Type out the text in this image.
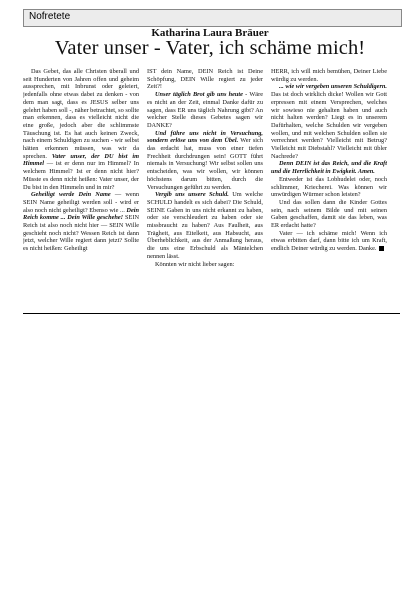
Nofretete
Katharina Laura Bräuer
Vater unser - Vater, ich schäme mich!

Das Gebet, das alle Christen überall und seit Hunderten von Jahren offen und geheim aussprechen, mit Inbrunst oder geleiert, jedenfalls ohne etwas dabei zu denken - von dem man sagt, dass es JESUS selber uns gelehrt haben soll -, näher betrachtet, so sollte man erkennen, dass es vielleicht nicht die eine große, jedoch aber die schlimmste Täuschung ist. Es hat auch keinen Zweck, nach einem Schuldigen zu suchen - wir selbst hätten erkennen müssen, was wir da sprechen. Vater unser, der DU bist im Himmel — ist er denn nur im Himmel? In welchem Himmel? Ist er denn nicht hier? Müsste es denn nicht heißen: Vater unser, der Du bist in den Himmeln und in mir?

Geheiligt werde Dein Name — wenn SEIN Name geheiligt werden soll - wird er also noch nicht geheiligt? Ebenso wie ... Dein Reich komme ... Dein Wille geschehe! SEIN Reich ist also noch nicht hier — SEIN Wille geschieht noch nicht? Wessen Reich ist dann jetzt, welcher Wille regiert dann jetzt? Sollte es nicht heißen: Geheiligt

IST dein Name, DEIN Reich ist Deine Schöpfung, DEIN Wille regiert zu jeder Zeit?!

Unser täglich Brot gib uns heute - Wäre es nicht an der Zeit, einmal Danke dafür zu sagen, dass ER uns täglich Nahrung gibt? An welcher Stelle dieses Gebetes sagen wir DANKE?

Und führe uns nicht in Versuchung, sondern erlöse uns von dem Übel. Wer sich das erdacht hat, muss von einer tiefen Frechheit durchdrungen sein! GOTT führt niemals in Versuchung! Wir selbst sollen uns entscheiden, was wir wollen, wir können höchstens darum bitten, durch die Versuchungen geführt zu werden.

Vergib uns unsere Schuld. Um welche SCHULD handelt es sich dabei? Die Schuld, SEINE Gaben in uns nicht erkannt zu haben, oder sie verschleudert zu haben oder sie missbraucht zu haben? Aus Faulheit, aus Trägheit, aus Eitelkeit, aus Habsucht, aus Überheblichkeit, aus der Anmaßung heraus, die uns eine Erbschuld als Mäntelchen nennen lässt.

Könnten wir nicht lieber sagen:

HERR, ich will mich bemühen, Deiner Liebe würdig zu werden.

... wie wir vergeben unseren Schuldigern. Das ist doch wirklich dicke! Wollen wir Gott erpressen mit einem Versprechen, welches wir sowieso nie gehalten haben und auch nicht halten werden? Liegt es in unserem Dafürhalten, welche Schulden wir vergeben wollen, und mit welchen Schulden sollen sie verrechnet werden? Vielleicht mit Betrug? Vielleicht mit Diebstahl? Vielleicht mit übler Nachrede?

Denn DEIN ist das Reich, und die Kraft und die Herrlichkeit in Ewigkeit. Amen.

Entweder ist das Lobhudelei oder, noch schlimmer, Kriecherei. Was können wir unwürdigen Würmer schon leisten?

Und das sollen dann die Kinder Gottes sein, nach seinem Bilde und mit seinen Gaben geschaffen, damit sie das leben, was ER erdacht hatte?

Vater — ich schäme mich! Wenn ich etwas erbitten darf, dann bitte ich um Kraft, endlich Deiner würdig zu werden. Danke.
